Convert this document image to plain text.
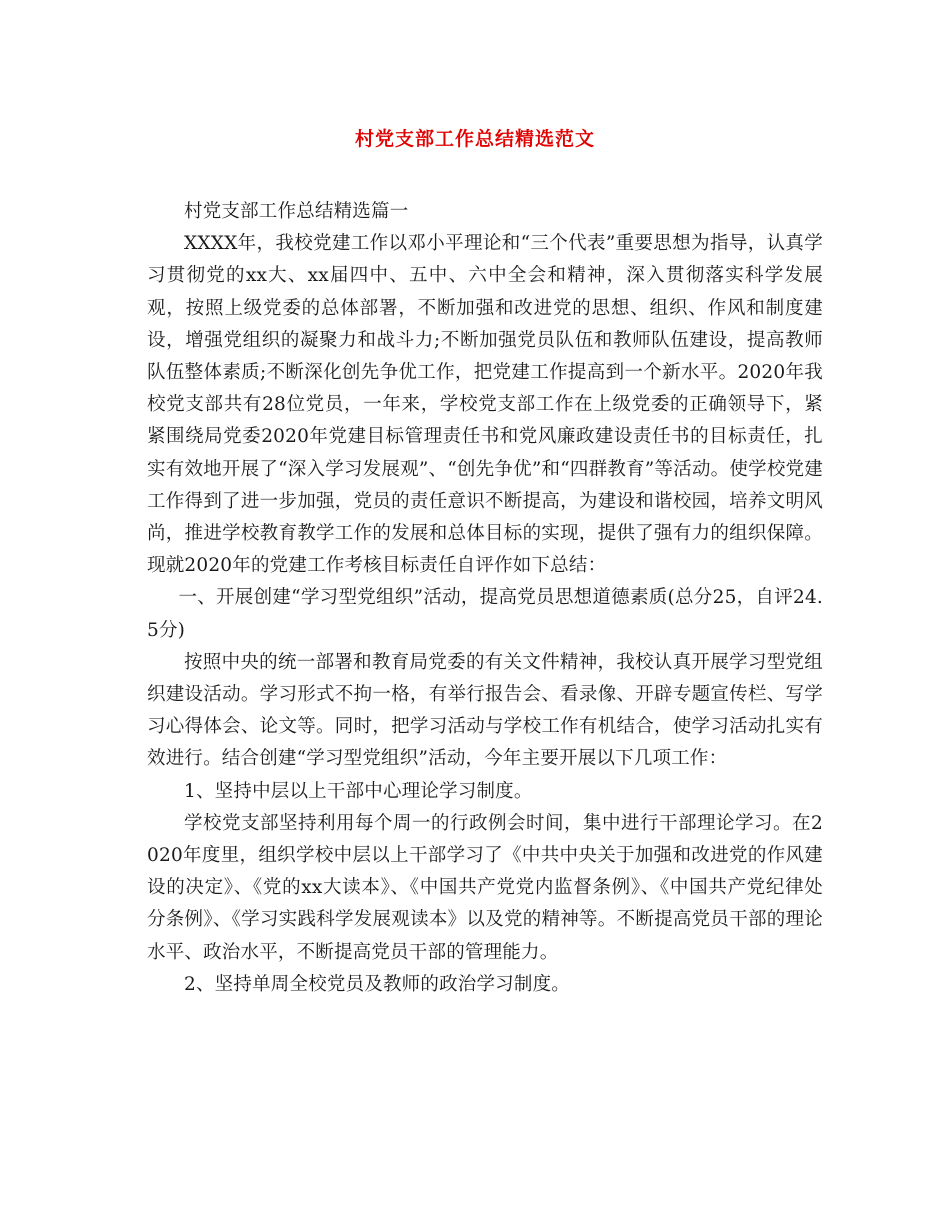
村党支部工作总结精选范文

村党支部工作总结精选篇一

XXXX年，我校党建工作以邓小平理论和“三个代表”重要思想为指导，认真学习贯彻党的xx大、xx届四中、五中、六中全会和精神，深入贯彻落实科学发展观，按照上级党委的总体部署，不断加强和改进党的思想、组织、作风和制度建设，增强党组织的凝聚力和战斗力;不断加强党员队伍和教师队伍建设，提高教师队伍整体素质;不断深化创先争优工作，把党建工作提高到一个新水平。2020年我校党支部共有28位党员，一年来，学校党支部工作在上级党委的正确领导下，紧紧围绕局党委2020年党建目标管理责任书和党风廉政建设责任书的目标责任，扎实有效地开展了“深入学习发展观”、“创先争优”和“四群教育”等活动。使学校党建工作得到了进一步加强，党员的责任意识不断提高，为建设和谐校园，培养文明风尚，推进学校教育教学工作的发展和总体目标的实现，提供了强有力的组织保障。现就2020年的党建工作考核目标责任自评作如下总结：

一、开展创建“学习型党组织”活动，提高党员思想道德素质(总分25，自评24.5分)

按照中央的统一部署和教育局党委的有关文件精神，我校认真开展学习型党组织建设活动。学习形式不拘一格，有举行报告会、看录像、开辟专题宣传栏、写学习心得体会、论文等。同时，把学习活动与学校工作有机结合，使学习活动扎实有效进行。结合创建“学习型党组织”活动，今年主要开展以下几项工作：

1、坚持中层以上干部中心理论学习制度。

学校党支部坚持利用每个周一的行政例会时间，集中进行干部理论学习。在2020年度里，组织学校中层以上干部学习了《中共中央关于加强和改进党的作风建设的决定》、《党的xx大读本》、《中国共产党党内监督条例》、《中国共产党纪律处分条例》、《学习实践科学发展观读本》以及党的精神等。不断提高党员干部的理论水平、政治水平，不断提高党员干部的管理能力。

2、坚持单周全校党员及教师的政治学习制度。
